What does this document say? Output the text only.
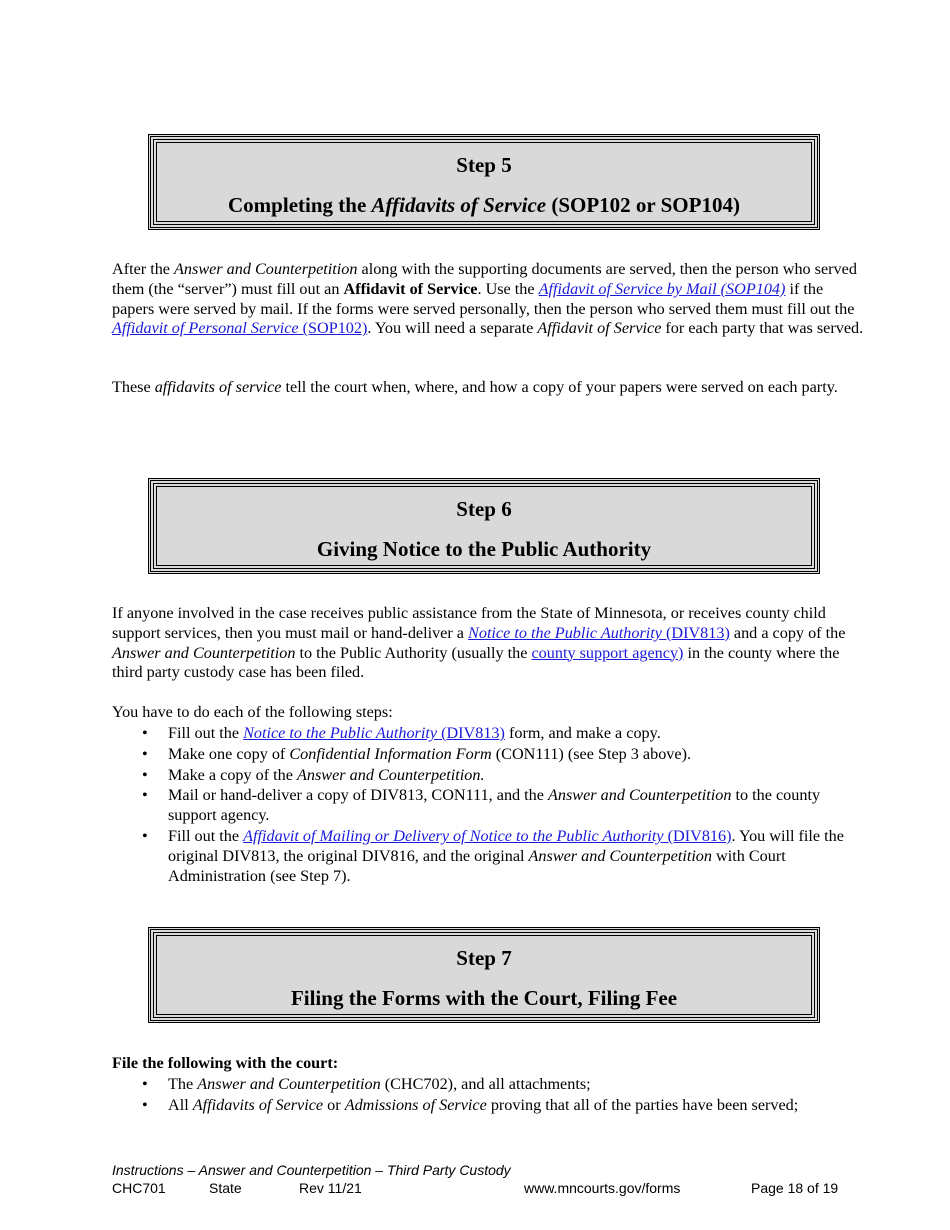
Step 5
Completing the Affidavits of Service (SOP102 or SOP104)
After the Answer and Counterpetition along with the supporting documents are served, then the person who served them (the “server”) must fill out an Affidavit of Service. Use the Affidavit of Service by Mail (SOP104) if the papers were served by mail. If the forms were served personally, then the person who served them must fill out the Affidavit of Personal Service (SOP102). You will need a separate Affidavit of Service for each party that was served.
These affidavits of service tell the court when, where, and how a copy of your papers were served on each party.
Step 6
Giving Notice to the Public Authority
If anyone involved in the case receives public assistance from the State of Minnesota, or receives county child support services, then you must mail or hand-deliver a Notice to the Public Authority (DIV813) and a copy of the Answer and Counterpetition to the Public Authority (usually the county support agency) in the county where the third party custody case has been filed.
You have to do each of the following steps:
• Fill out the Notice to the Public Authority (DIV813) form, and make a copy.
• Make one copy of Confidential Information Form (CON111) (see Step 3 above).
• Make a copy of the Answer and Counterpetition.
• Mail or hand-deliver a copy of DIV813, CON111, and the Answer and Counterpetition to the county support agency.
• Fill out the Affidavit of Mailing or Delivery of Notice to the Public Authority (DIV816). You will file the original DIV813, the original DIV816, and the original Answer and Counterpetition with Court Administration (see Step 7).
Step 7
Filing the Forms with the Court, Filing Fee
File the following with the court:
• The Answer and Counterpetition (CHC702), and all attachments;
• All Affidavits of Service or Admissions of Service proving that all of the parties have been served;
Instructions – Answer and Counterpetition – Third Party Custody
CHC701	State	Rev 11/21	www.mncourts.gov/forms	Page 18 of 19
